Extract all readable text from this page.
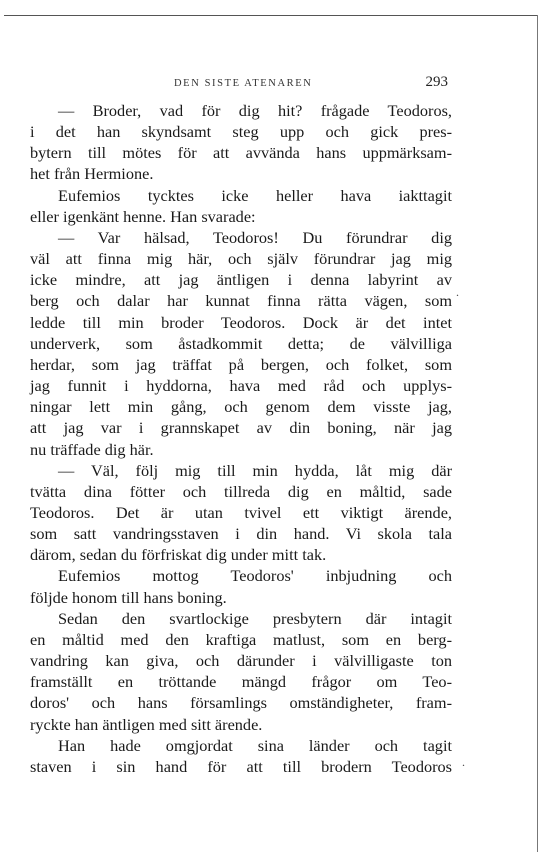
DEN SISTE ATENAREN	293
— Broder, vad för dig hit? frågade Teodoros,
i det han skyndsamt steg upp och gick pres-
bytern till mötes för att avvända hans uppmärksam-
het från Hermione.
Eufemios tycktes icke heller hava iakttagit
eller igenkänt henne. Han svarade:
— Var hälsad, Teodoros! Du förundrar dig
väl att finna mig här, och själv förundrar jag mig
icke mindre, att jag äntligen i denna labyrint av
berg och dalar har kunnat finna rätta vägen, som
ledde till min broder Teodoros. Dock är det intet
underverk, som åstadkommit detta; de välvilliga
herdar, som jag träffat på bergen, och folket, som
jag funnit i hyddorna, hava med råd och upplys-
ningar lett min gång, och genom dem visste jag,
att jag var i grannskapet av din boning, när jag
nu träffade dig här.
— Väl, följ mig till min hydda, låt mig där
tvätta dina fötter och tillreda dig en måltid, sade
Teodoros. Det är utan tvivel ett viktigt ärende,
som satt vandringsstaven i din hand. Vi skola tala
därom, sedan du förfriskat dig under mitt tak.
Eufemios mottog Teodoros' inbjudning och
följde honom till hans boning.
Sedan den svartlockige presbytern där intagit
en måltid med den kraftiga matlust, som en berg-
vandring kan giva, och därunder i välvilligaste ton
framställt en tröttande mängd frågor om Teo-
doros' och hans församlings omständigheter, fram-
ryckte han äntligen med sitt ärende.
Han hade omgjordat sina länder och tagit
staven i sin hand för att till brodern Teodoros
.
.
